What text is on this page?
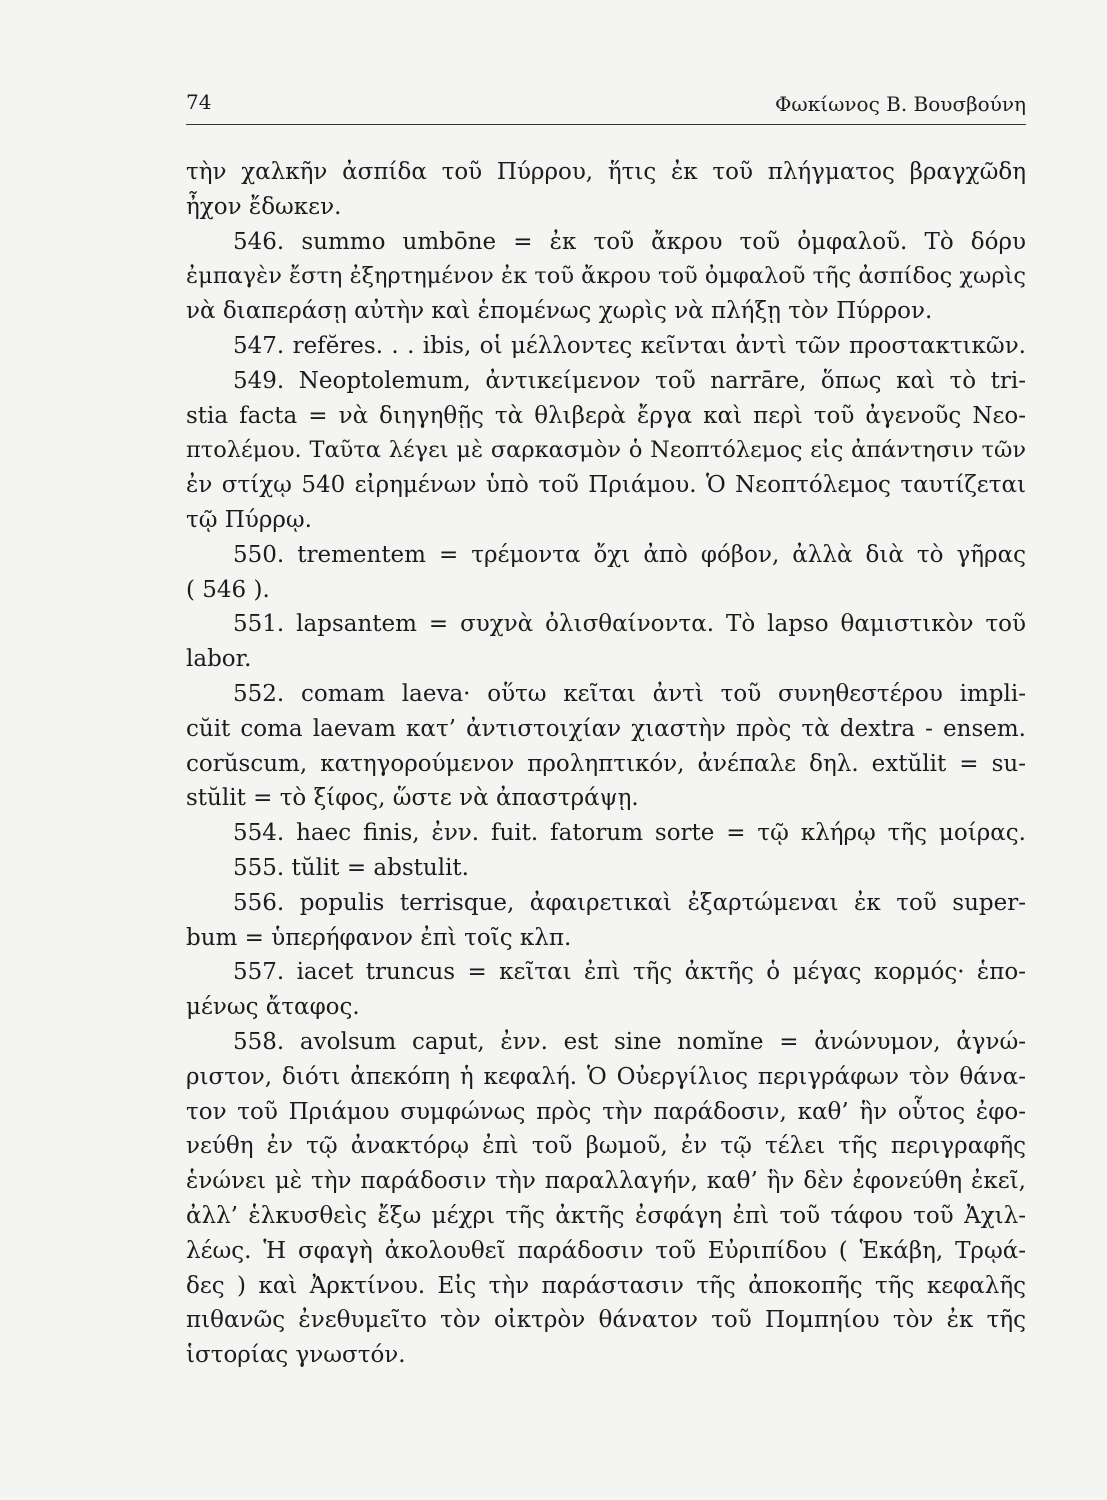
74	Φωκίωνος Β. Βουσβούνη
τὴν χαλκῆν ἀσπίδα τοῦ Πύρρου, ἥτις ἐκ τοῦ πλήγματος βραγχῶδη
ἦχον ἔδωκεν.
546. summo umbōne = ἐκ τοῦ ἄκρου τοῦ ὀμφαλοῦ. Τὸ δόρυ
ἐμπαγὲν ἔστη ἐξηρτημένον ἐκ τοῦ ἄκρου τοῦ ὀμφαλοῦ τῆς ἀσπίδος χωρὶς
νὰ διαπεράσῃ αὐτὴν καὶ ἑπομένως χωρὶς νὰ πλήξῃ τὸν Πύρρον.
547. refĕres. . . ibis, οἱ μέλλοντες κεῖνται ἀντὶ τῶν προστακτικῶν.
549. Neoptolemum, ἀντικείμενον τοῦ narrāre, ὅπως καὶ τὸ tri-
stia facta = νὰ διηγηθῇς τὰ θλιβερὰ ἔργα καὶ περὶ τοῦ ἀγενοῦς Νεο-
πτολέμου. Ταῦτα λέγει μὲ σαρκασμὸν ὁ Νεοπτόλεμος εἰς ἀπάντησιν τῶν
ἐν στίχῳ 540 εἰρημένων ὑπὸ τοῦ Πριάμου. Ὁ Νεοπτόλεμος ταυτίζεται
τῷ Πύρρῳ.
550. trementem = τρέμοντα ὄχι ἀπὸ φόβον, ἀλλὰ διὰ τὸ γῆρας
( 546 ).
551. lapsantem = συχνὰ ὀλισθαίνοντα. Τὸ lapso θαμιστικὸν τοῦ
labor.
552. comam laeva· οὕτω κεῖται ἀντὶ τοῦ συνηθεστέρου impli-
cŭit coma laevam κατ’ ἀντιστοιχίαν χιαστὴν πρὸς τὰ dextra - ensem.
corŭscum, κατηγορούμενον προληπτικόν, ἀνέπαλε δηλ. extŭlit = su-
stŭlit = τὸ ξίφος, ὥστε νὰ ἀπαστράψῃ.
554. haec finis, ἐνν. fuit. fatorum sorte = τῷ κλήρῳ τῆς μοίρας.
555. tŭlit = abstulit.
556. populis terrisque, ἀφαιρετικαὶ ἐξαρτώμεναι ἐκ τοῦ super-
bum = ὑπερήφανον ἐπὶ τοῖς κλπ.
557. iacet truncus = κεῖται ἐπὶ τῆς ἀκτῆς ὁ μέγας κορμός· ἑπο-
μένως ἄταφος.
558. avolsum caput, ἐνν. est sine nomĭne = ἀνώνυμον, ἀγνώ-
ριστον, διότι ἀπεκόπη ἡ κεφαλή. Ὁ Οὐεργίλιος περιγράφων τὸν θάνα-
τον τοῦ Πριάμου συμφώνως πρὸς τὴν παράδοσιν, καθ’ ἣν οὗτος ἐφο-
νεύθη ἐν τῷ ἀνακτόρῳ ἐπὶ τοῦ βωμοῦ, ἐν τῷ τέλει τῆς περιγραφῆς
ἑνώνει μὲ τὴν παράδοσιν τὴν παραλλαγήν, καθ’ ἣν δὲν ἐφονεύθη ἐκεῖ,
ἀλλ’ ἑλκυσθεὶς ἔξω μέχρι τῆς ἀκτῆς ἐσφάγη ἐπὶ τοῦ τάφου τοῦ Ἀχιλ-
λέως. Ἡ σφαγὴ ἀκολουθεῖ παράδοσιν τοῦ Εὐριπίδου ( Ἑκάβη, Τρῳά-
δες ) καὶ Ἀρκτίνου. Εἰς τὴν παράστασιν τῆς ἀποκοπῆς τῆς κεφαλῆς
πιθανῶς ἐνεθυμεῖτο τὸν οἰκτρὸν θάνατον τοῦ Πομπηίου τὸν ἐκ τῆς
ἱστορίας γνωστόν.
